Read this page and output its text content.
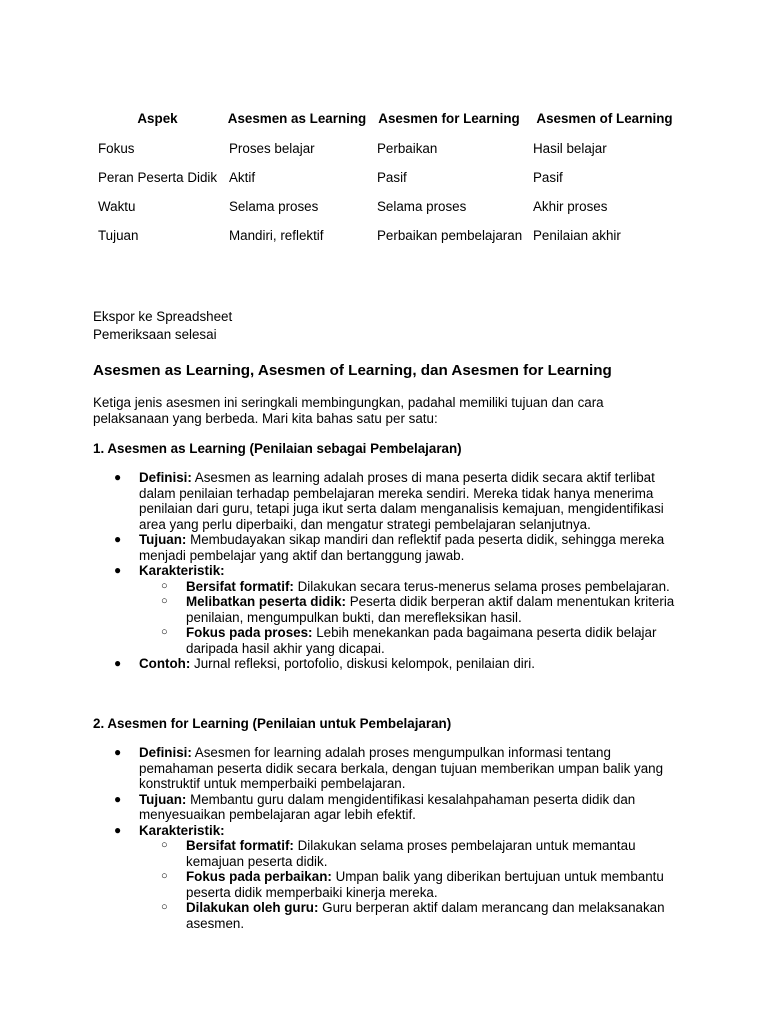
Aspek	Asesmen as Learning	Asesmen for Learning	Asesmen of Learning
Fokus	Proses belajar	Perbaikan	Hasil belajar
Peran Peserta Didik	Aktif	Pasif	Pasif
Waktu	Selama proses	Selama proses	Akhir proses
Tujuan	Mandiri, reflektif	Perbaikan pembelajaran	Penilaian akhir
Ekspor ke Spreadsheet
Pemeriksaan selesai
Asesmen as Learning, Asesmen of Learning, dan Asesmen for Learning

Ketiga jenis asesmen ini seringkali membingungkan, padahal memiliki tujuan dan cara pelaksanaan yang berbeda. Mari kita bahas satu per satu:

1. Asesmen as Learning (Penilaian sebagai Pembelajaran)
● Definisi: Asesmen as learning adalah proses di mana peserta didik secara aktif terlibat dalam penilaian terhadap pembelajaran mereka sendiri. Mereka tidak hanya menerima penilaian dari guru, tetapi juga ikut serta dalam menganalisis kemajuan, mengidentifikasi area yang perlu diperbaiki, dan mengatur strategi pembelajaran selanjutnya.
● Tujuan: Membudayakan sikap mandiri dan reflektif pada peserta didik, sehingga mereka menjadi pembelajar yang aktif dan bertanggung jawab.
● Karakteristik:
○ Bersifat formatif: Dilakukan secara terus-menerus selama proses pembelajaran.
○ Melibatkan peserta didik: Peserta didik berperan aktif dalam menentukan kriteria penilaian, mengumpulkan bukti, dan merefleksikan hasil.
○ Fokus pada proses: Lebih menekankan pada bagaimana peserta didik belajar daripada hasil akhir yang dicapai.
● Contoh: Jurnal refleksi, portofolio, diskusi kelompok, penilaian diri.
2. Asesmen for Learning (Penilaian untuk Pembelajaran)
● Definisi: Asesmen for learning adalah proses mengumpulkan informasi tentang pemahaman peserta didik secara berkala, dengan tujuan memberikan umpan balik yang konstruktif untuk memperbaiki pembelajaran.
● Tujuan: Membantu guru dalam mengidentifikasi kesalahpahaman peserta didik dan menyesuaikan pembelajaran agar lebih efektif.
● Karakteristik:
○ Bersifat formatif: Dilakukan selama proses pembelajaran untuk memantau kemajuan peserta didik.
○ Fokus pada perbaikan: Umpan balik yang diberikan bertujuan untuk membantu peserta didik memperbaiki kinerja mereka.
○ Dilakukan oleh guru: Guru berperan aktif dalam merancang dan melaksanakan asesmen.
